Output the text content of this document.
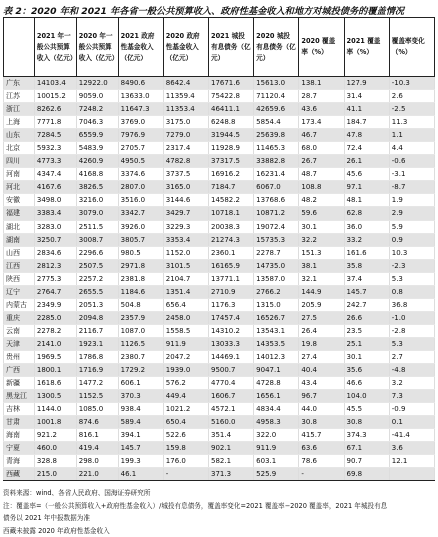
表 2：2020 年和 2021 年各省一般公共预算收入、政府性基金收入和地方对城投债务的覆盖情况
	2021 年一般公共预算收入（亿元）	2020 年一般公共预算收入（亿元）	2021 政府性基金收入（亿元）	2020 政府性基金收入（亿元）	2021 城投有息债务（亿元）	2020 城投有息债务（亿元）	2020 覆盖率（%）	2021 覆盖率（%）	覆盖率变化（%）
广东	14103.4	12922.0	8490.6	8642.4	17671.6	15613.0	138.1	127.9	-10.3
江苏	10015.2	9059.0	13633.0	11359.4	75422.8	71120.4	28.7	31.4	2.6
浙江	8262.6	7248.2	11647.3	11353.4	46411.1	42659.6	43.6	41.1	-2.5
上海	7771.8	7046.3	3769.0	3175.0	6248.8	5854.4	173.4	184.7	11.3
山东	7284.5	6559.9	7976.9	7279.0	31944.5	25639.8	46.7	47.8	1.1
北京	5932.3	5483.9	2705.7	2317.4	11928.9	11465.3	68.0	72.4	4.4
四川	4773.3	4260.9	4950.5	4782.8	37317.5	33882.8	26.7	26.1	-0.6
河南	4347.4	4168.8	3374.6	3737.5	16916.2	16231.4	48.7	45.6	-3.1
河北	4167.6	3826.5	2807.0	3165.0	7184.7	6067.0	108.8	97.1	-8.7
安徽	3498.0	3216.0	3516.0	3144.6	14582.2	13768.6	48.2	48.1	1.9
福建	3383.4	3079.0	3342.7	3429.7	10718.1	10871.2	59.6	62.8	2.9
湖北	3283.0	2511.5	3926.0	3229.3	20038.3	19072.4	30.1	36.0	5.9
湖南	3250.7	3008.7	3805.7	3353.4	21274.3	15735.3	32.2	33.2	0.9
山西	2834.6	2296.6	980.5	1152.0	2360.1	2278.7	151.3	161.6	10.3
江西	2812.3	2507.5	2971.8	3101.5	16165.9	14735.0	38.1	35.8	-2.3
陕西	2775.3	2257.2	2381.8	2104.7	13771.1	13587.0	32.1	37.4	5.3
辽宁	2764.7	2655.5	1184.6	1351.4	2710.9	2766.2	144.9	145.7	0.8
内蒙古	2349.9	2051.3	504.8	656.4	1176.3	1315.0	205.9	242.7	36.8
重庆	2285.0	2094.8	2357.9	2458.0	17457.4	16526.7	27.5	26.6	-1.0
云南	2278.2	2116.7	1087.0	1558.5	14310.2	13543.1	26.4	23.5	-2.8
天津	2141.0	1923.1	1126.5	911.9	13033.3	14353.5	19.8	25.1	5.3
贵州	1969.5	1786.8	2380.7	2047.2	14469.1	14012.3	27.4	30.1	2.7
广西	1800.1	1716.9	1729.2	1939.0	9500.7	9047.1	40.4	35.6	-4.8
新疆	1618.6	1477.2	606.1	576.2	4770.4	4728.8	43.4	46.6	3.2
黑龙江	1300.5	1152.5	370.3	449.4	1606.7	1656.1	96.7	104.0	7.3
吉林	1144.0	1085.0	938.4	1021.2	4572.1	4834.4	44.0	45.5	-0.9
甘肃	1001.8	874.6	589.4	650.4	5160.0	4958.3	30.8	30.8	0.1
海南	921.2	816.1	394.1	522.6	351.4	322.0	415.7	374.3	-41.4
宁夏	460.0	419.4	145.7	159.8	902.1	911.9	63.6	67.1	3.6
青海	328.8	298.0	199.3	176.0	582.1	603.1	78.6	90.7	12.1
西藏	215.0	221.0	46.1	-	371.3	525.9	-	69.8	
资料来源：wind、各省人民政府、国海证券研究所
注：覆盖率=（一般公共预算收入+政府性基金收入）/城投有息债务，覆盖率变化=2021 覆盖率−2020 覆盖率，2021 年城投有息
债务以 2021 年中报数据为准
西藏未披露 2020 年政府性基金收入
